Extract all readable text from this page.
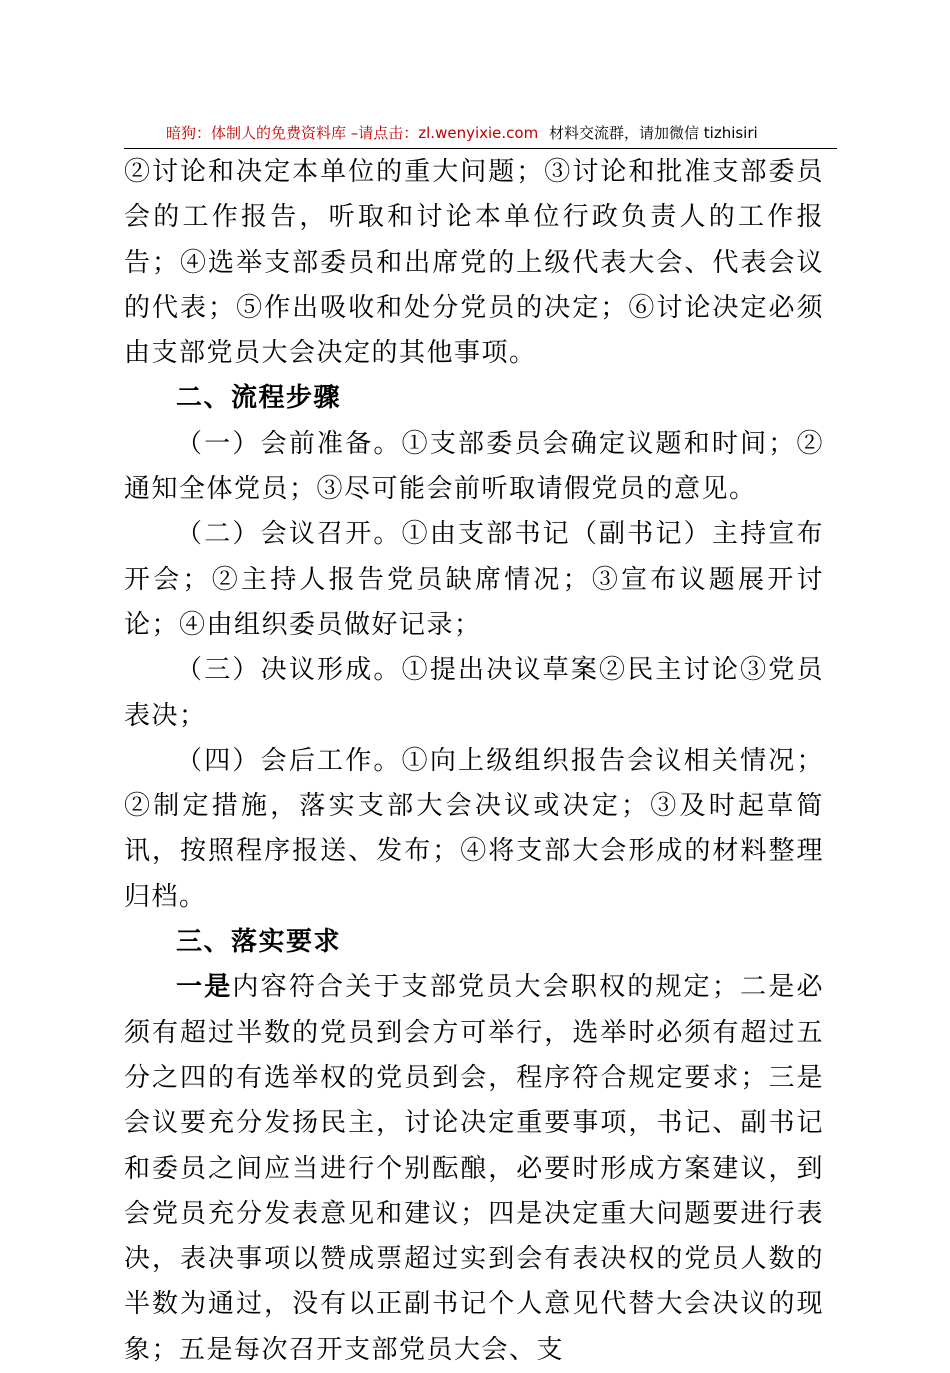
暗狗：体制人的免费资料库 –请点击：zl.wenyixie.com 材料交流群，请加微信 tizhisiri

②讨论和决定本单位的重大问题；③讨论和批准支部委员会的工作报告，听取和讨论本单位行政负责人的工作报告；④选举支部委员和出席党的上级代表大会、代表会议的代表；⑤作出吸收和处分党员的决定；⑥讨论决定必须由支部党员大会决定的其他事项。

二、流程步骤

（一）会前准备。①支部委员会确定议题和时间；②通知全体党员；③尽可能会前听取请假党员的意见。

（二）会议召开。①由支部书记（副书记）主持宣布开会；②主持人报告党员缺席情况；③宣布议题展开讨论；④由组织委员做好记录；

（三）决议形成。①提出决议草案②民主讨论③党员表决；

（四）会后工作。①向上级组织报告会议相关情况；②制定措施，落实支部大会决议或决定；③及时起草简讯，按照程序报送、发布；④将支部大会形成的材料整理归档。

三、落实要求

一是内容符合关于支部党员大会职权的规定；二是必须有超过半数的党员到会方可举行，选举时必须有超过五分之四的有选举权的党员到会，程序符合规定要求；三是会议要充分发扬民主，讨论决定重要事项，书记、副书记和委员之间应当进行个别酝酿，必要时形成方案建议，到会党员充分发表意见和建议；四是决定重大问题要进行表决，表决事项以赞成票超过实到会有表决权的党员人数的半数为通过，没有以正副书记个人意见代替大会决议的现象；五是每次召开支部党员大会、支
